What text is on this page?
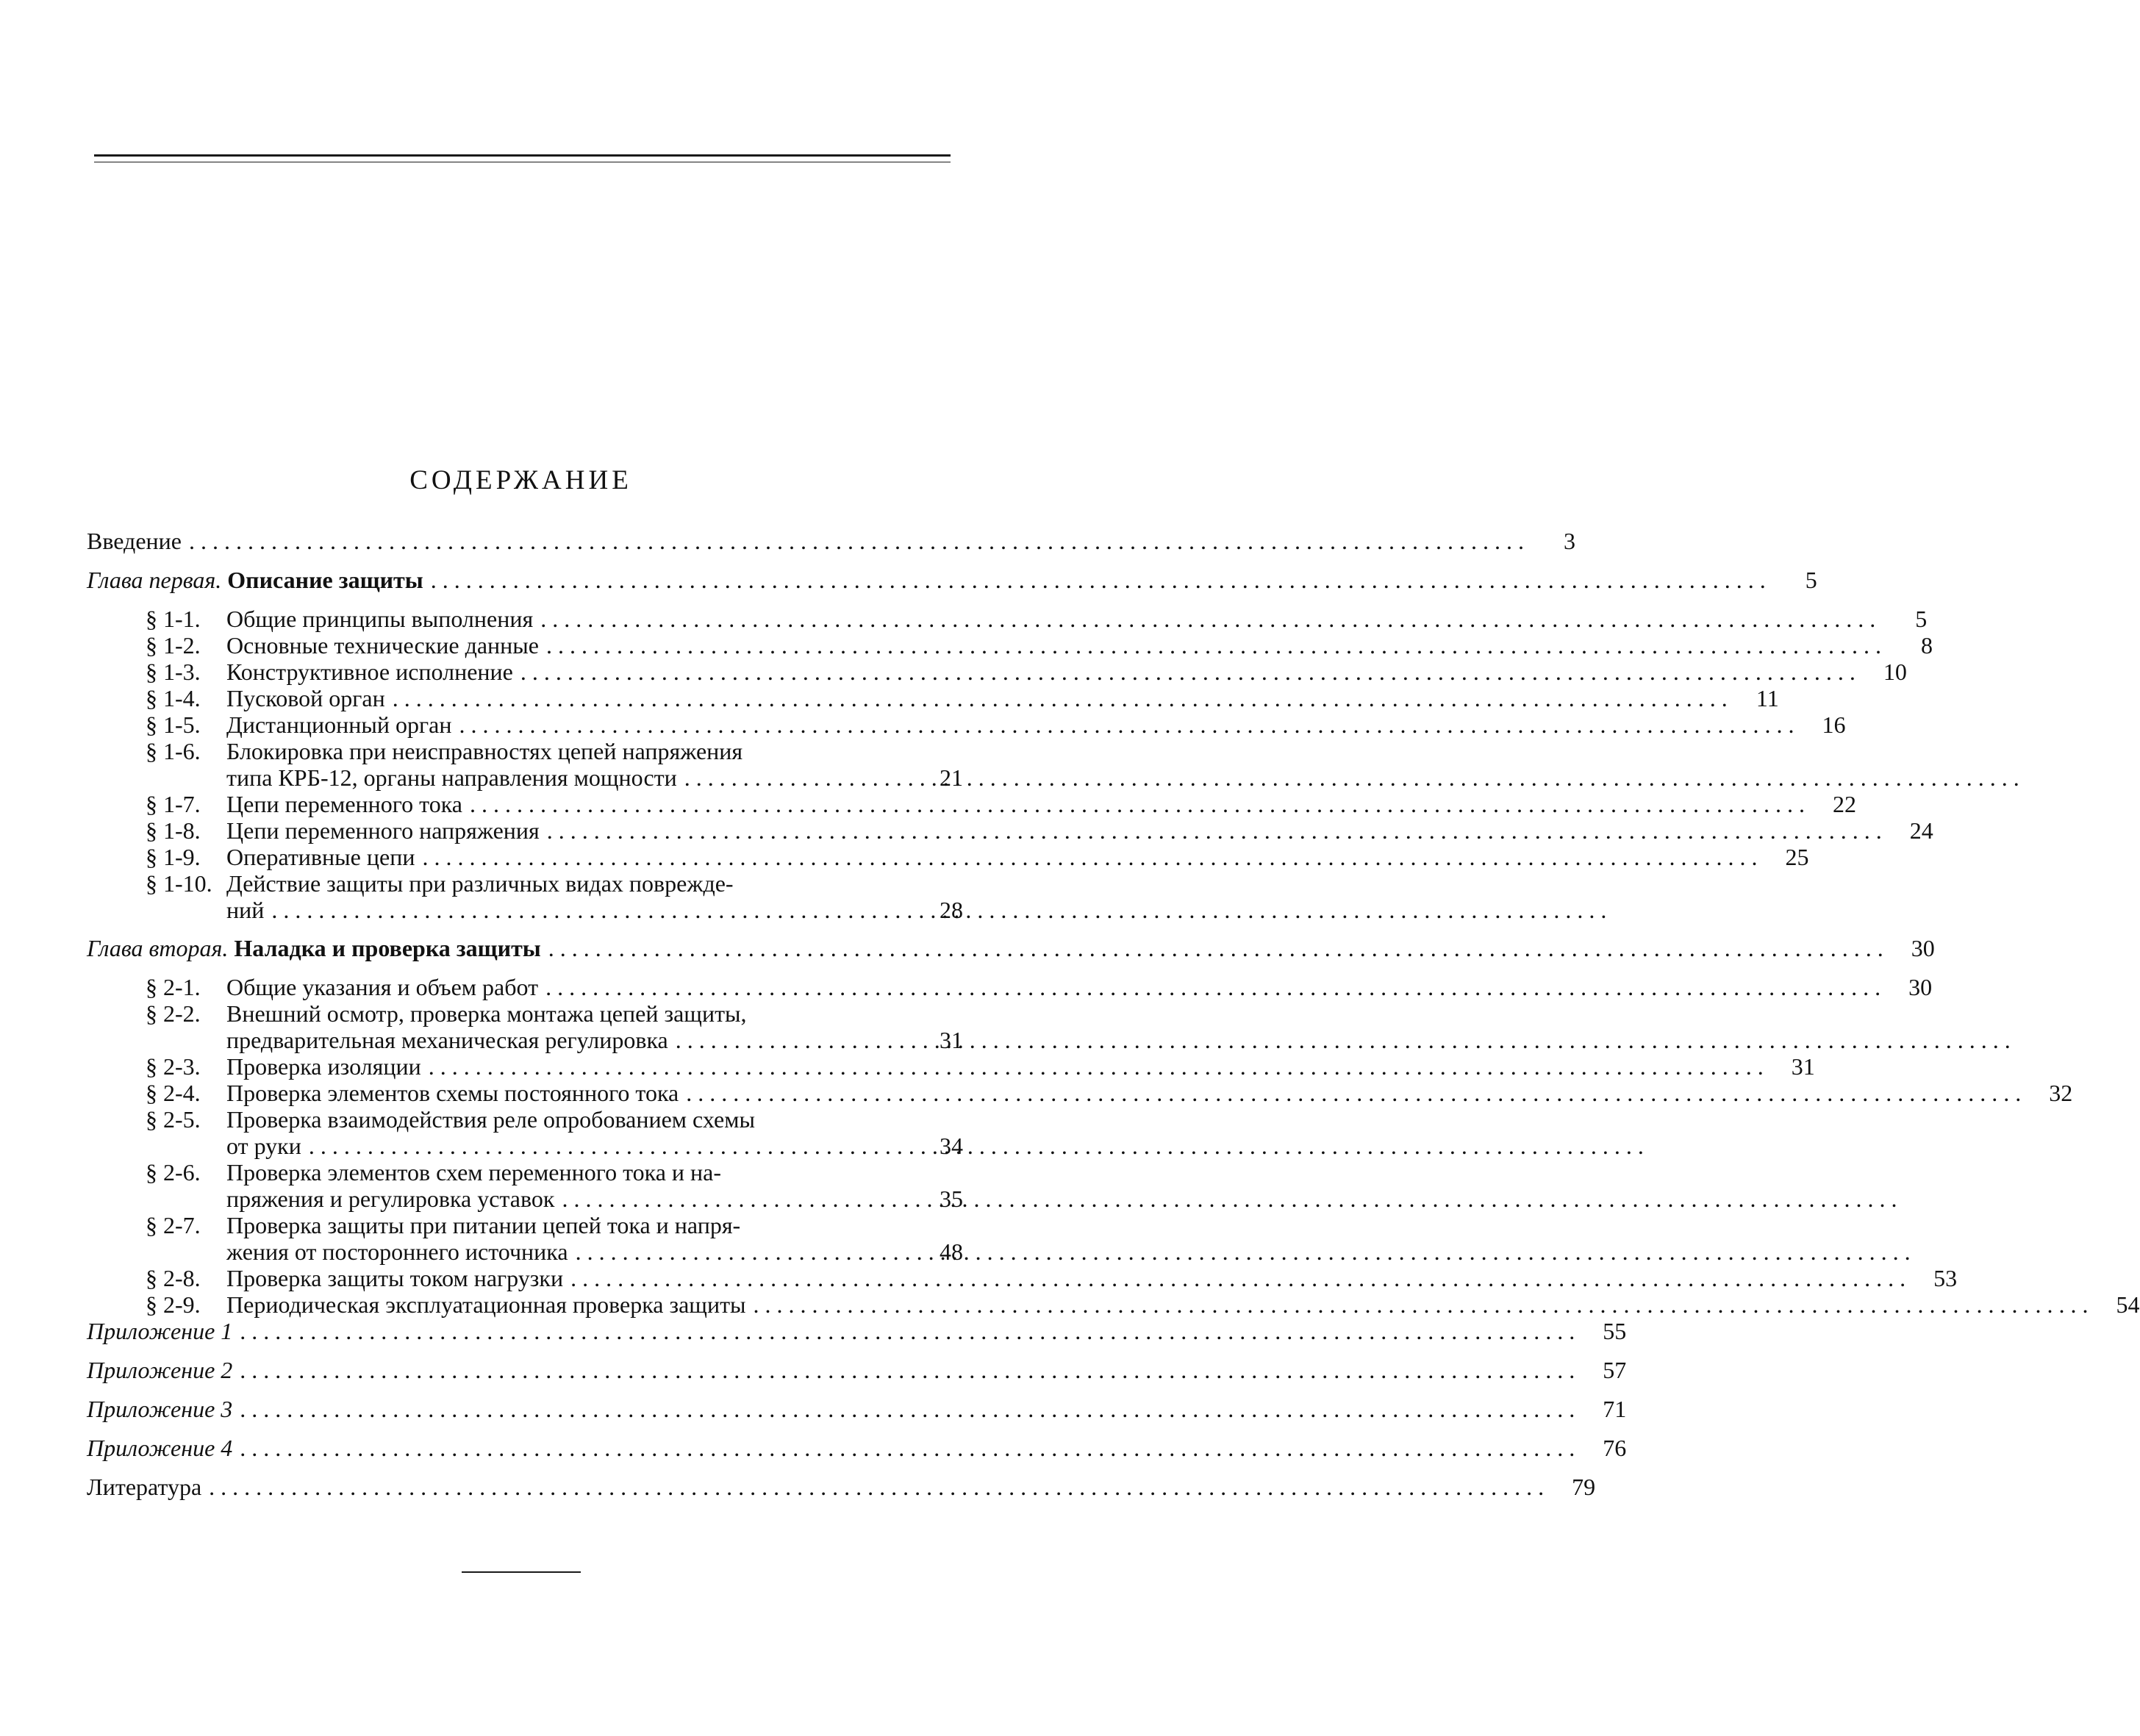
СОДЕРЖАНИЕ
Введение . . .	3
Глава первая. Описание защиты . . .	5
§ 1-1.	Общие принципы выполнения . . .	5
§ 1-2.	Основные технические данные . . .	8
§ 1-3.	Конструктивное исполнение . . .	10
§ 1-4.	Пусковой орган . . .	11
§ 1-5.	Дистанционный орган . . .	16
§ 1-6.	Блокировка при неисправностях цепей напряжения
типа КРБ-12, органы направления мощности . . .	21
§ 1-7.	Цепи переменного тока . . .	22
§ 1-8.	Цепи переменного напряжения . . .	24
§ 1-9.	Оперативные цепи . . .	25
§ 1-10. Действие защиты при различных видах поврежде-
ний . . .	28
Глава вторая. Наладка и проверка защиты . . .	30
§ 2-1.	Общие указания и объем работ . . .	30
§ 2-2.	Внешний осмотр, проверка монтажа цепей защиты,
предварительная механическая регулировка . . .	31
§ 2-3.	Проверка изоляции . . .	31
§ 2-4.	Проверка элементов схемы постоянного тока . . .	32
§ 2-5.	Проверка взаимодействия реле опробованием схемы
от руки . . .	34
§ 2-6.	Проверка элементов схем переменного тока и на-
пряжения и регулировка уставок . . .	35
§ 2-7.	Проверка защиты при питании цепей тока и напря-
жения от постороннего источника . . .	48
§ 2-8.	Проверка защиты током нагрузки . . .	53
§ 2-9.	Периодическая эксплуатационная проверка защиты . . .	54
Приложение 1 . . .	55
Приложение 2 . . .	57
Приложение 3 . . .	71
Приложение 4 . . .	76
Литература . . .	79
